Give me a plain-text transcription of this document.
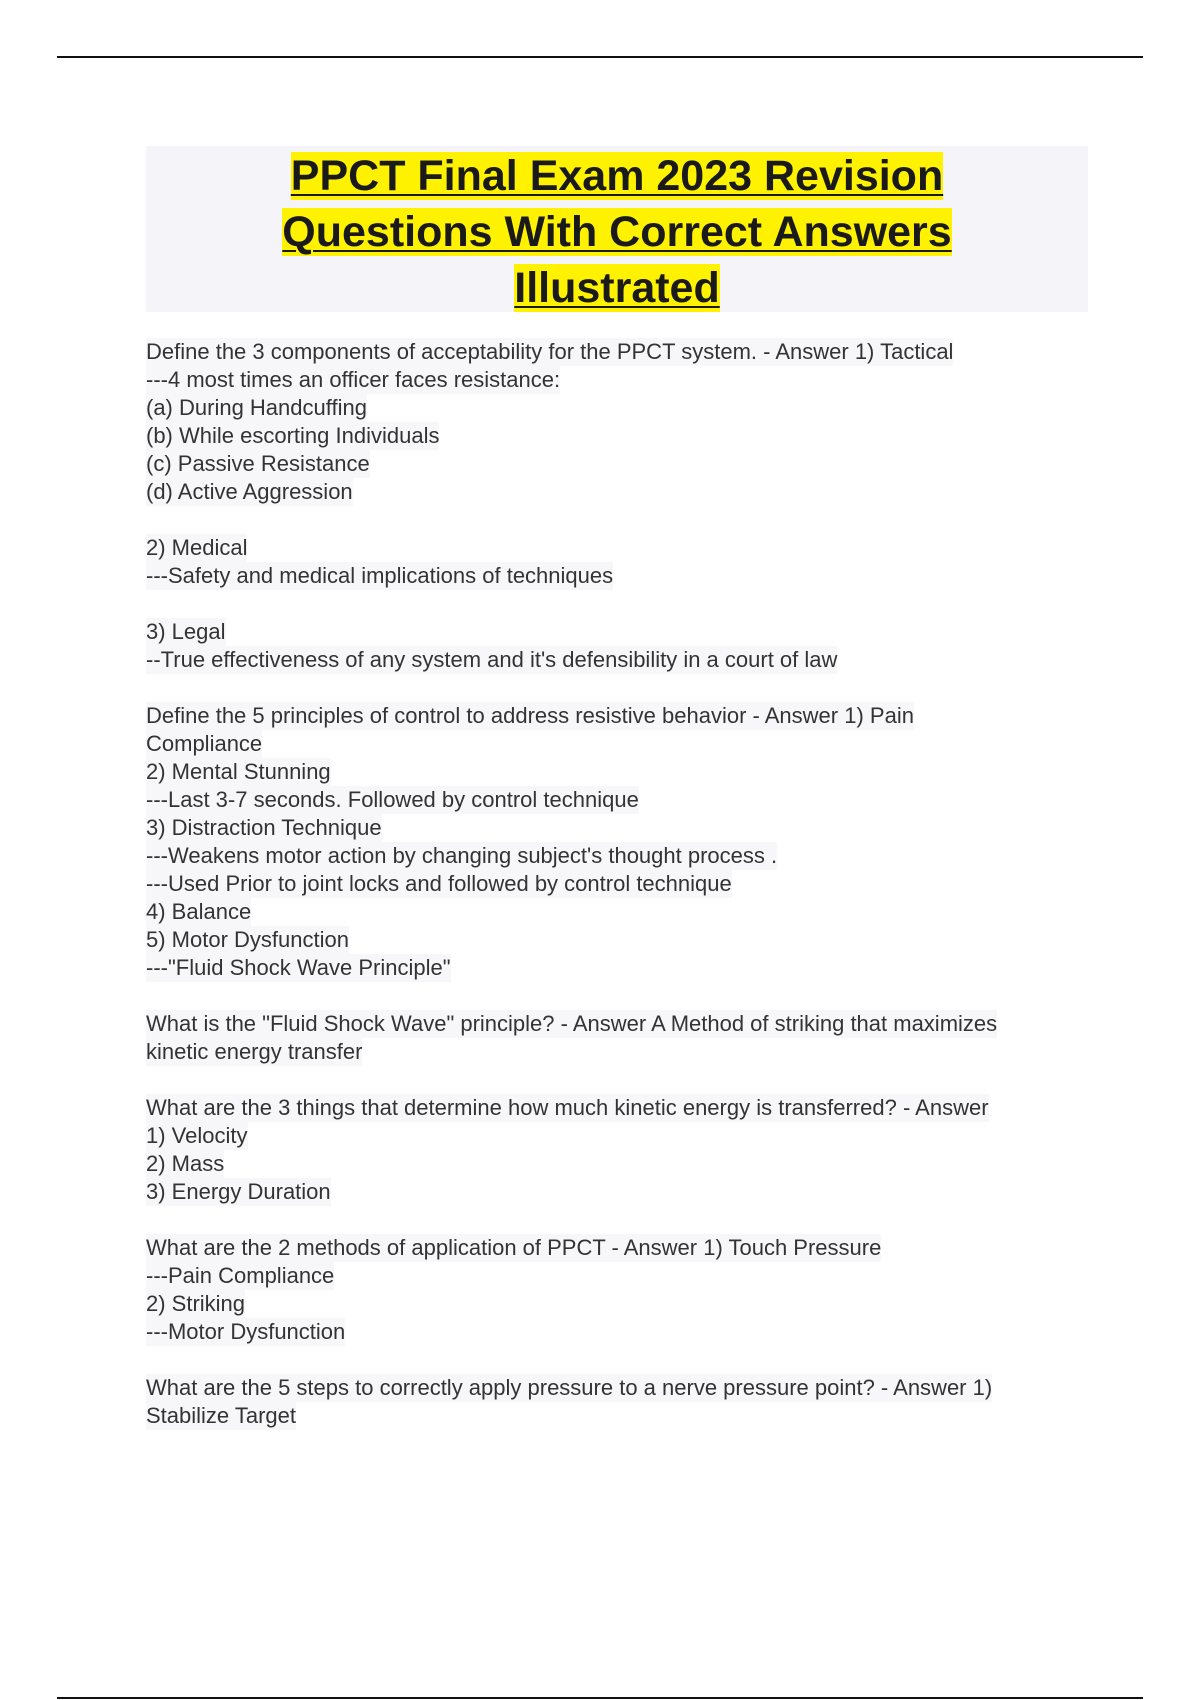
PPCT Final Exam 2023 Revision
Questions With Correct Answers
Illustrated
Define the 3 components of acceptability for the PPCT system. - Answer 1) Tactical
---4 most times an officer faces resistance:
(a) During Handcuffing
(b) While escorting Individuals
(c) Passive Resistance
(d) Active Aggression
2) Medical
---Safety and medical implications of techniques
3) Legal
--True effectiveness of any system and it's defensibility in a court of law
Define the 5 principles of control to address resistive behavior - Answer 1) Pain
Compliance
2) Mental Stunning
---Last 3-7 seconds. Followed by control technique
3) Distraction Technique
---Weakens motor action by changing subject's thought process .
---Used Prior to joint locks and followed by control technique
4) Balance
5) Motor Dysfunction
---"Fluid Shock Wave Principle"
What is the "Fluid Shock Wave" principle? - Answer A Method of striking that maximizes
kinetic energy transfer
What are the 3 things that determine how much kinetic energy is transferred? - Answer
1) Velocity
2) Mass
3) Energy Duration
What are the 2 methods of application of PPCT - Answer 1) Touch Pressure
---Pain Compliance
2) Striking
---Motor Dysfunction
What are the 5 steps to correctly apply pressure to a nerve pressure point? - Answer 1)
Stabilize Target
